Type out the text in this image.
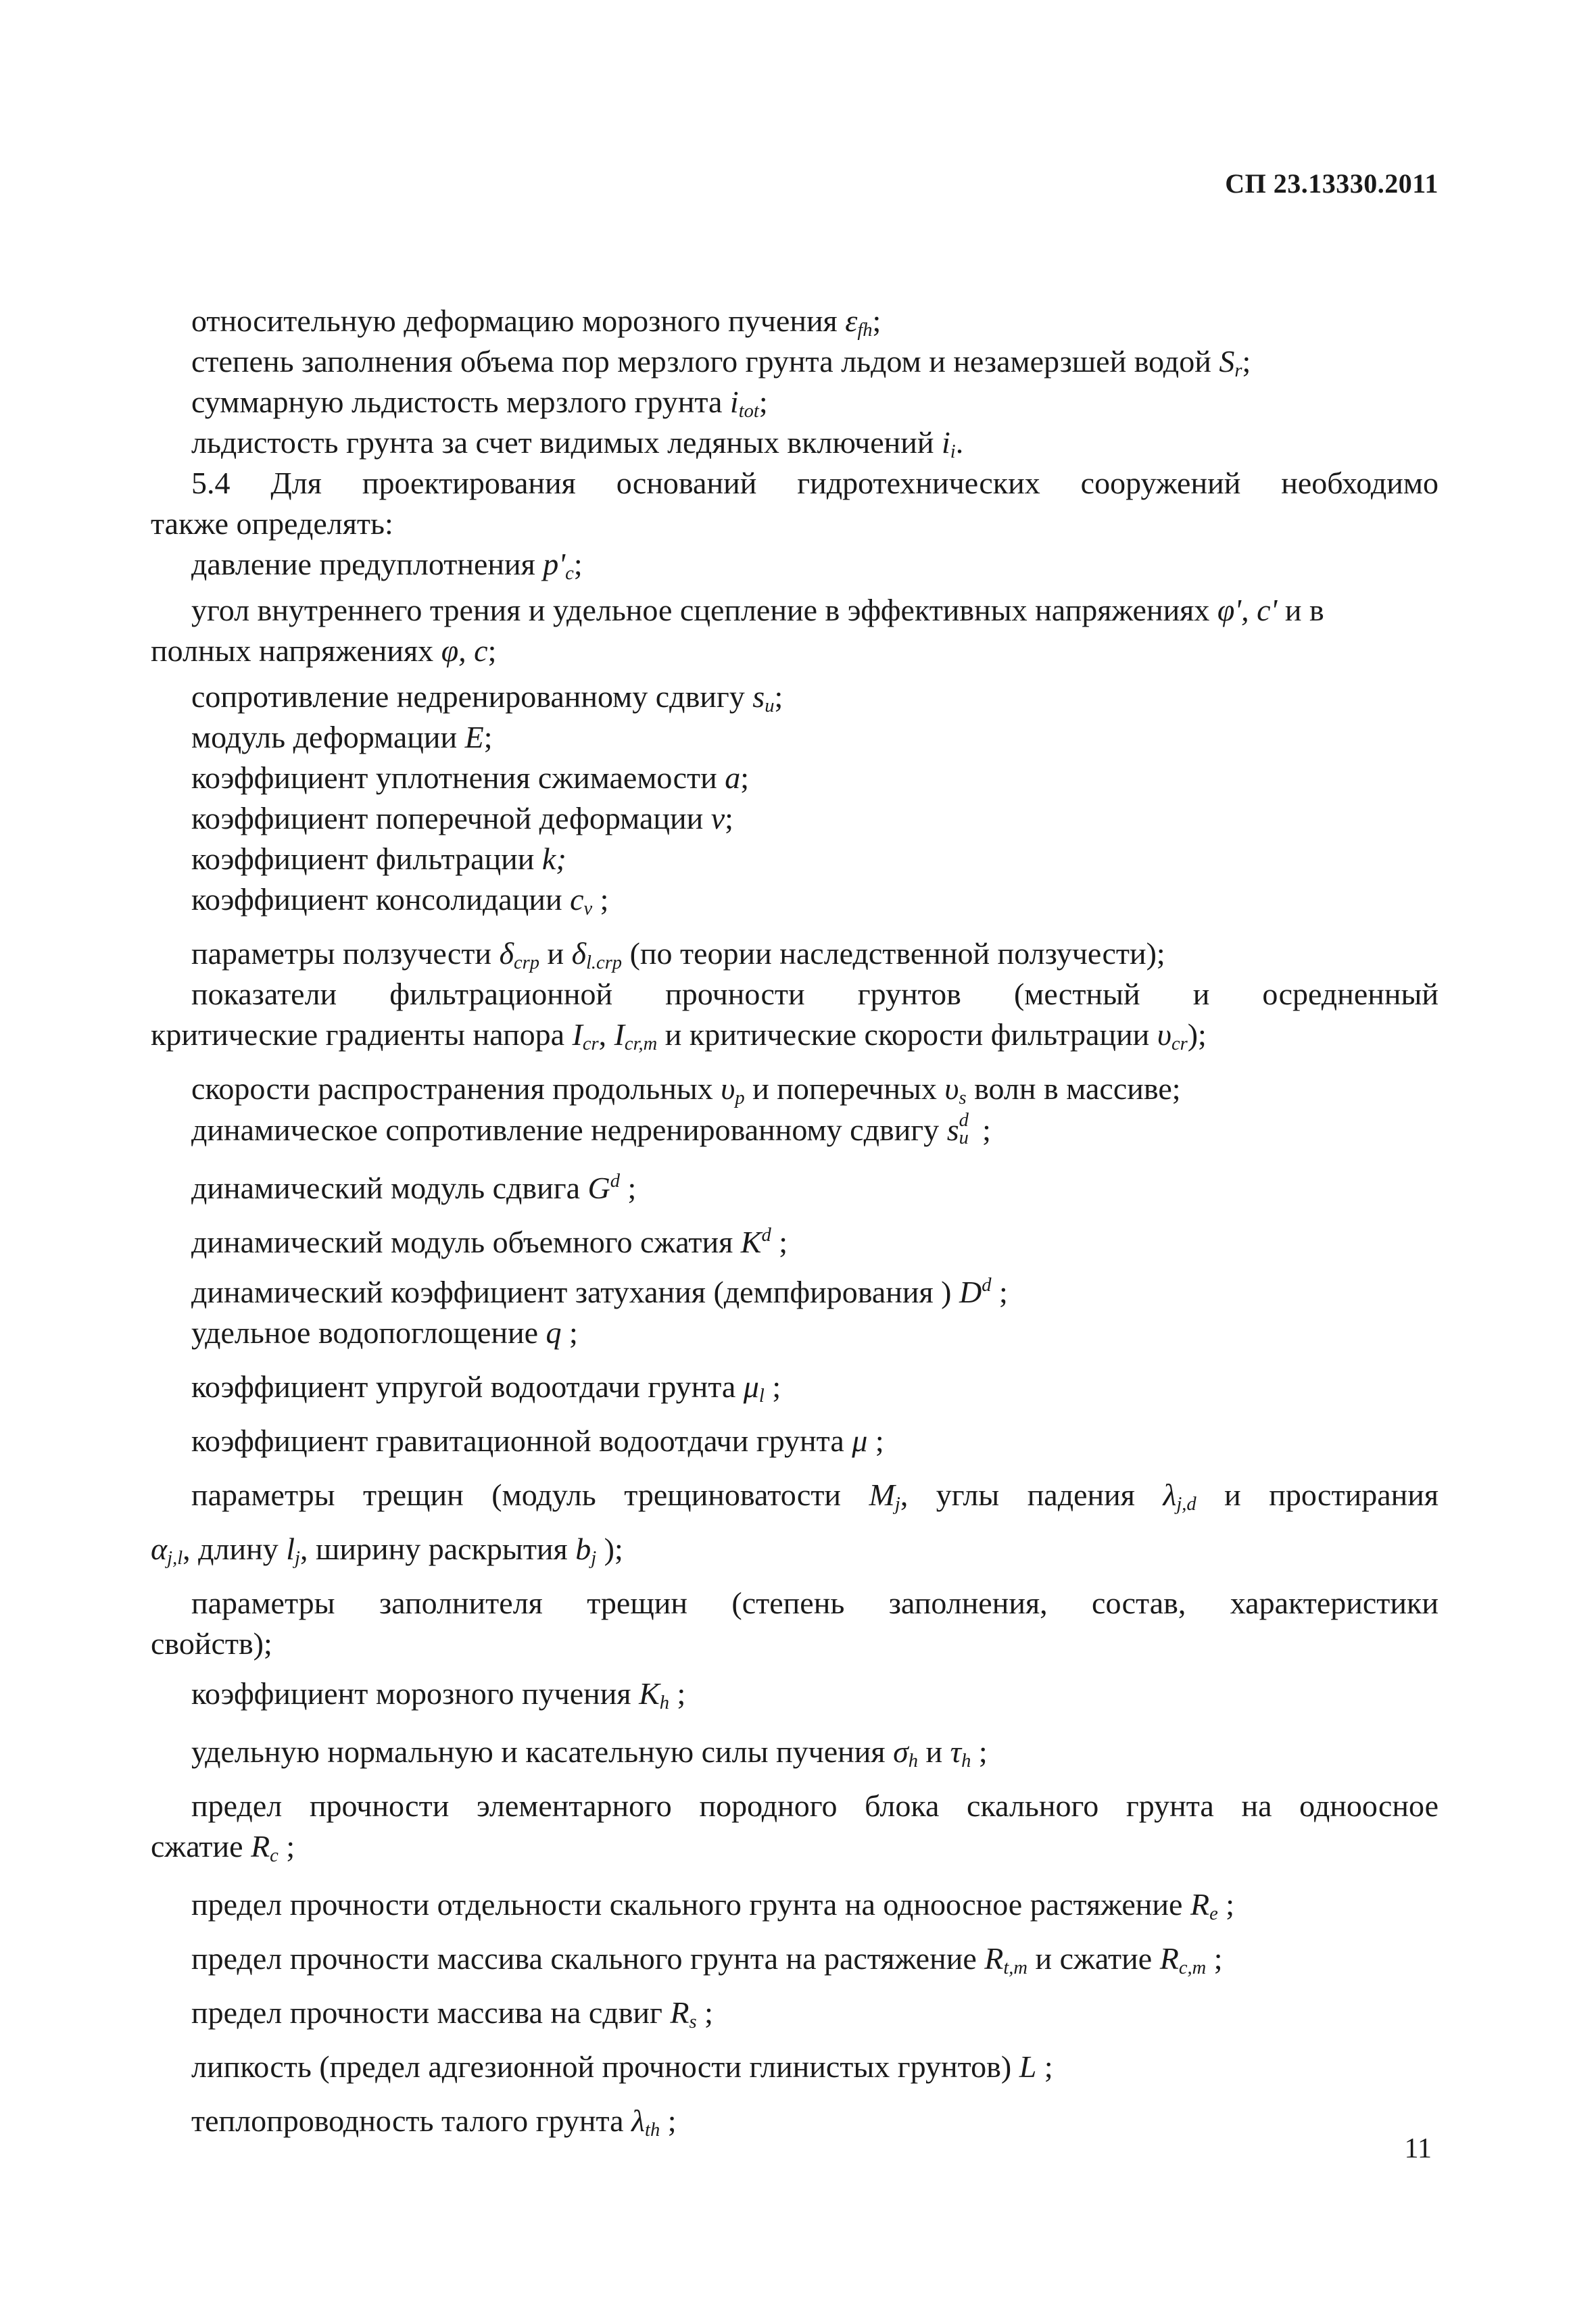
СП 23.13330.2011

относительную деформацию морозного пучения $\varepsilon_{fh}$;

степень заполнения объема пор мерзлого грунта льдом и незамерзшей водой $S_r$;

суммарную льдистость мерзлого грунта $i_{tot}$;

льдистость грунта за счет видимых ледяных включений $i_i$.

5.4 Для проектирования оснований гидротехнических сооружений необходимо

также определять:

давление предуплотнения $p'_c$;

угол внутреннего трения и удельное сцепление в эффективных напряжениях φ', c' и в

полных напряжениях φ, c;

сопротивление недренированному сдвигу $s_u$;

модуль деформации E;

коэффициент уплотнения сжимаемости a;

коэффициент поперечной деформации v;

коэффициент фильтрации k;

коэффициент консолидации $c_v$ ;

параметры ползучести $\delta_{crp}$ и $\delta_{l.crp}$ (по теории наследственной ползучести);

показатели фильтрационной прочности грунтов (местный и осредненный

критические градиенты напора $I_{cr}$, $I_{cr,m}$ и критические скорости фильтрации $\upsilon_{cr}$);

скорости распространения продольных $\upsilon_p$ и поперечных $\upsilon_s$ волн в массиве;

динамическое сопротивление недренированному сдвигу s d
u ;

динамический модуль сдвига $G^d$ ;

динамический модуль объемного сжатия $K^d$ ;

динамический коэффициент затухания (демпфирования ) $D^d$ ;

удельное водопоглощение q ;

коэффициент упругой водоотдачи грунта $\mu_l$ ;

коэффициент гравитационной водоотдачи грунта μ ;

параметры трещин (модуль трещиноватости $M_j$, углы падения $\lambda_{j,d}$ и простирания

$\alpha_{j,l}$, длину $l_j$, ширину раскрытия $b_j$ );

параметры заполнителя трещин (степень заполнения, состав, характеристики

свойств);

коэффициент морозного пучения $K_h$ ;

удельную нормальную и касательную силы пучения $\sigma_h$ и $\tau_h$ ;

предел прочности элементарного породного блока скального грунта на одноосное

сжатие $R_c$ ;

предел прочности отдельности скального грунта на одноосное растяжение $R_e$ ;

предел прочности массива скального грунта на растяжение $R_{t,m}$ и сжатие $R_{c,m}$ ;

предел прочности массива на сдвиг $R_s$ ;

липкость (предел адгезионной прочности глинистых грунтов) L ;

теплопроводность талого грунта $\lambda_{th}$ ;

11
